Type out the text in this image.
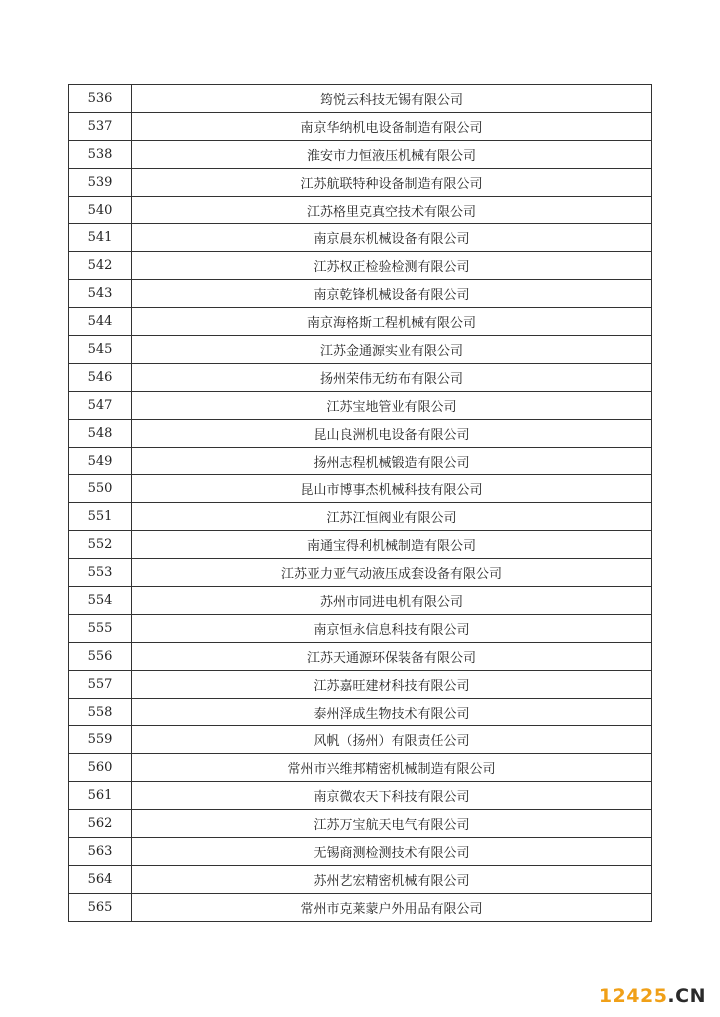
536	筠悦云科技无锡有限公司
537	南京华纳机电设备制造有限公司
538	淮安市力恒液压机械有限公司
539	江苏航联特种设备制造有限公司
540	江苏格里克真空技术有限公司
541	南京晨东机械设备有限公司
542	江苏权正检验检测有限公司
543	南京乾锋机械设备有限公司
544	南京海格斯工程机械有限公司
545	江苏金通源实业有限公司
546	扬州荣伟无纺布有限公司
547	江苏宝地管业有限公司
548	昆山良洲机电设备有限公司
549	扬州志程机械锻造有限公司
550	昆山市博事杰机械科技有限公司
551	江苏江恒阀业有限公司
552	南通宝得利机械制造有限公司
553	江苏亚力亚气动液压成套设备有限公司
554	苏州市同进电机有限公司
555	南京恒永信息科技有限公司
556	江苏天通源环保装备有限公司
557	江苏嘉旺建材科技有限公司
558	泰州泽成生物技术有限公司
559	风帆（扬州）有限责任公司
560	常州市兴维邦精密机械制造有限公司
561	南京微农天下科技有限公司
562	江苏万宝航天电气有限公司
563	无锡商测检测技术有限公司
564	苏州艺宏精密机械有限公司
565	常州市克莱蒙户外用品有限公司
12425.CN
